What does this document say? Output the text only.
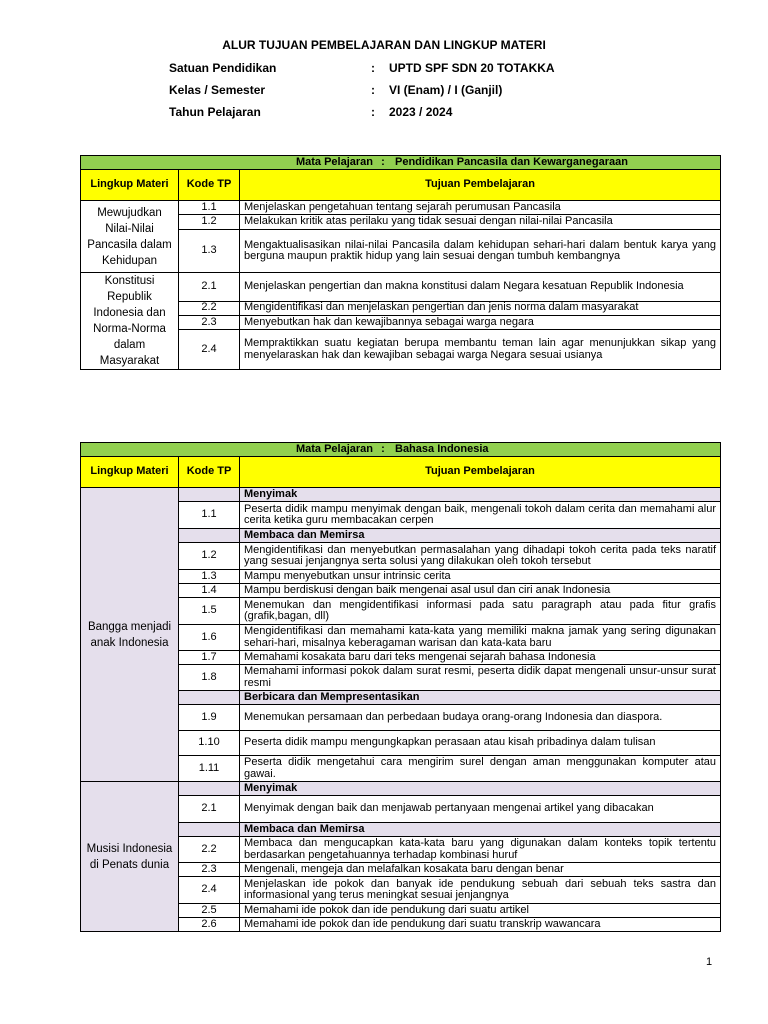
ALUR TUJUAN PEMBELAJARAN DAN LINGKUP MATERI
Satuan Pendidikan	:	UPTD SPF SDN 20 TOTAKKA
Kelas / Semester	:	VI (Enam) / I (Ganjil)
Tahun Pelajaran	:	2023 / 2024
Mata Pelajaran : Pendidikan Pancasila dan Kewarganegaraan		

Lingkup Materi	Kode TP	Tujuan Pembelajaran
Mewujudkan Nilai-Nilai Pancasila dalam Kehidupan	1.1	Menjelaskan pengetahuan tentang sejarah perumusan Pancasila
	1.2	Melakukan kritik atas perilaku yang tidak sesuai dengan nilai-nilai Pancasila
	1.3	Mengaktualisasikan nilai-nilai Pancasila dalam kehidupan sehari-hari dalam bentuk karya yang berguna maupun praktik hidup yang lain sesuai dengan tumbuh kembangnya
Konstitusi Republik Indonesia dan Norma-Norma dalam Masyarakat	2.1	Menjelaskan pengertian dan makna konstitusi dalam Negara kesatuan Republik Indonesia
	2.2	Mengidentifikasi dan menjelaskan pengertian dan jenis norma dalam masyarakat
	2.3	Menyebutkan hak dan kewajibannya sebagai warga negara
	2.4	Mempraktikkan suatu kegiatan berupa membantu teman lain agar menunjukkan sikap yang menyelaraskan hak dan kewajiban sebagai warga Negara sesuai usianya
Mata Pelajaran : Bahasa Indonesia		

Lingkup Materi	Kode TP	Tujuan Pembelajaran
Bangga menjadi anak Indonesia		Menyimak
	1.1	Peserta didik mampu menyimak dengan baik, mengenali tokoh dalam cerita dan memahami alur cerita ketika guru membacakan cerpen
		Membaca dan Memirsa
	1.2	Mengidentifikasi dan menyebutkan permasalahan yang dihadapi tokoh cerita pada teks naratif yang sesuai jenjangnya serta solusi yang dilakukan oleh tokoh tersebut
	1.3	Mampu menyebutkan unsur intrinsic cerita
	1.4	Mampu berdiskusi dengan baik mengenai asal usul dan ciri anak Indonesia
	1.5	Menemukan dan mengidentifikasi informasi pada satu paragraph atau pada fitur grafis (grafik,bagan, dll)
	1.6	Mengidentifikasi dan memahami kata-kata yang memiliki makna jamak yang sering digunakan sehari-hari, misalnya keberagaman warisan dan kata-kata baru
	1.7	Memahami kosakata baru dari teks mengenai sejarah bahasa Indonesia
	1.8	Memahami informasi pokok dalam surat resmi, peserta didik dapat mengenali unsur-unsur surat resmi
		Berbicara dan Mempresentasikan
	1.9	Menemukan persamaan dan perbedaan budaya orang-orang Indonesia dan diaspora.
	1.10	Peserta didik mampu mengungkapkan perasaan atau kisah pribadinya dalam tulisan
	1.11	Peserta didik mengetahui cara mengirim surel dengan aman menggunakan komputer atau gawai.
Musisi Indonesia di Penats dunia		Menyimak
	2.1	Menyimak dengan baik dan menjawab pertanyaan mengenai artikel yang dibacakan
		Membaca dan Memirsa
	2.2	Membaca dan mengucapkan kata-kata baru yang digunakan dalam konteks topik tertentu berdasarkan pengetahuannya terhadap kombinasi huruf
	2.3	Mengenali, mengeja dan melafalkan kosakata baru dengan benar
	2.4	Menjelaskan ide pokok dan banyak ide pendukung sebuah dari sebuah teks sastra dan informasional yang terus meningkat sesuai jenjangnya
	2.5	Memahami ide pokok dan ide pendukung dari suatu artikel
	2.6	Memahami ide pokok dan ide pendukung dari suatu transkrip wawancara
1
